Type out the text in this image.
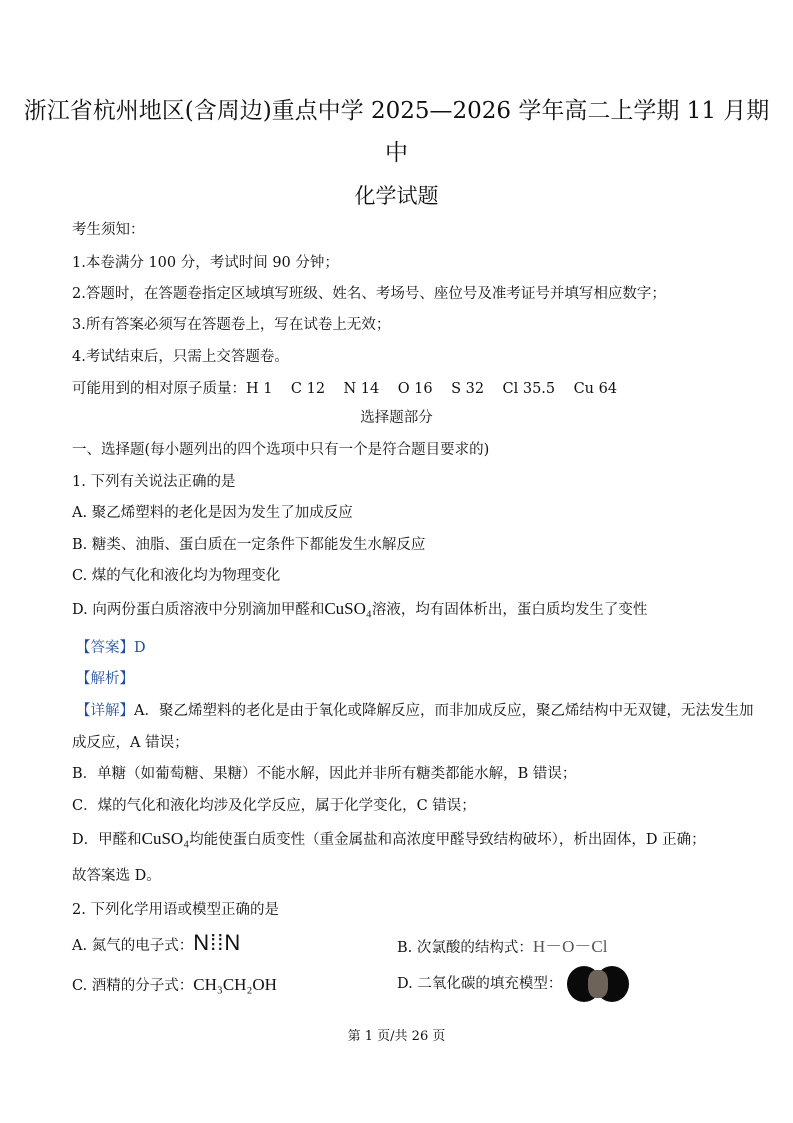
浙江省杭州地区(含周边)重点中学 2025—2026 学年高二上学期 11 月期
中
化学试题
考生须知：
1.本卷满分 100 分，考试时间 90 分钟；
2.答题时，在答题卷指定区域填写班级、姓名、考场号、座位号及准考证号并填写相应数字；
3.所有答案必须写在答题卷上，写在试卷上无效；
4.考试结束后，只需上交答题卷。
可能用到的相对原子质量：H 1    C 12    N 14    O 16    S 32    Cl 35.5    Cu 64
选择题部分
一、选择题(每小题列出的四个选项中只有一个是符合题目要求的)
1. 下列有关说法正确的是
A. 聚乙烯塑料的老化是因为发生了加成反应
B. 糖类、油脂、蛋白质在一定条件下都能发生水解反应
C. 煤的气化和液化均为物理变化
D. 向两份蛋白质溶液中分别滴加甲醛和CuSO₄溶液，均有固体析出，蛋白质均发生了变性
【答案】D
【解析】
【详解】A．聚乙烯塑料的老化是由于氧化或降解反应，而非加成反应，聚乙烯结构中无双键，无法发生加
成反应，A 错误；
B．单糖（如葡萄糖、果糖）不能水解，因此并非所有糖类都能水解，B 错误；
C．煤的气化和液化均涉及化学反应，属于化学变化，C 错误；
D．甲醛和CuSO₄均能使蛋白质变性（重金属盐和高浓度甲醛导致结构破坏），析出固体，D 正确；
故答案选 D。
2. 下列化学用语或模型正确的是
A. 氮气的电子式：N⁞⁞N	B. 次氯酸的结构式：H－O－Cl
C. 酒精的分子式：CH₃CH₂OH	D. 二氧化碳的填充模型：
第 1 页/共 26 页
